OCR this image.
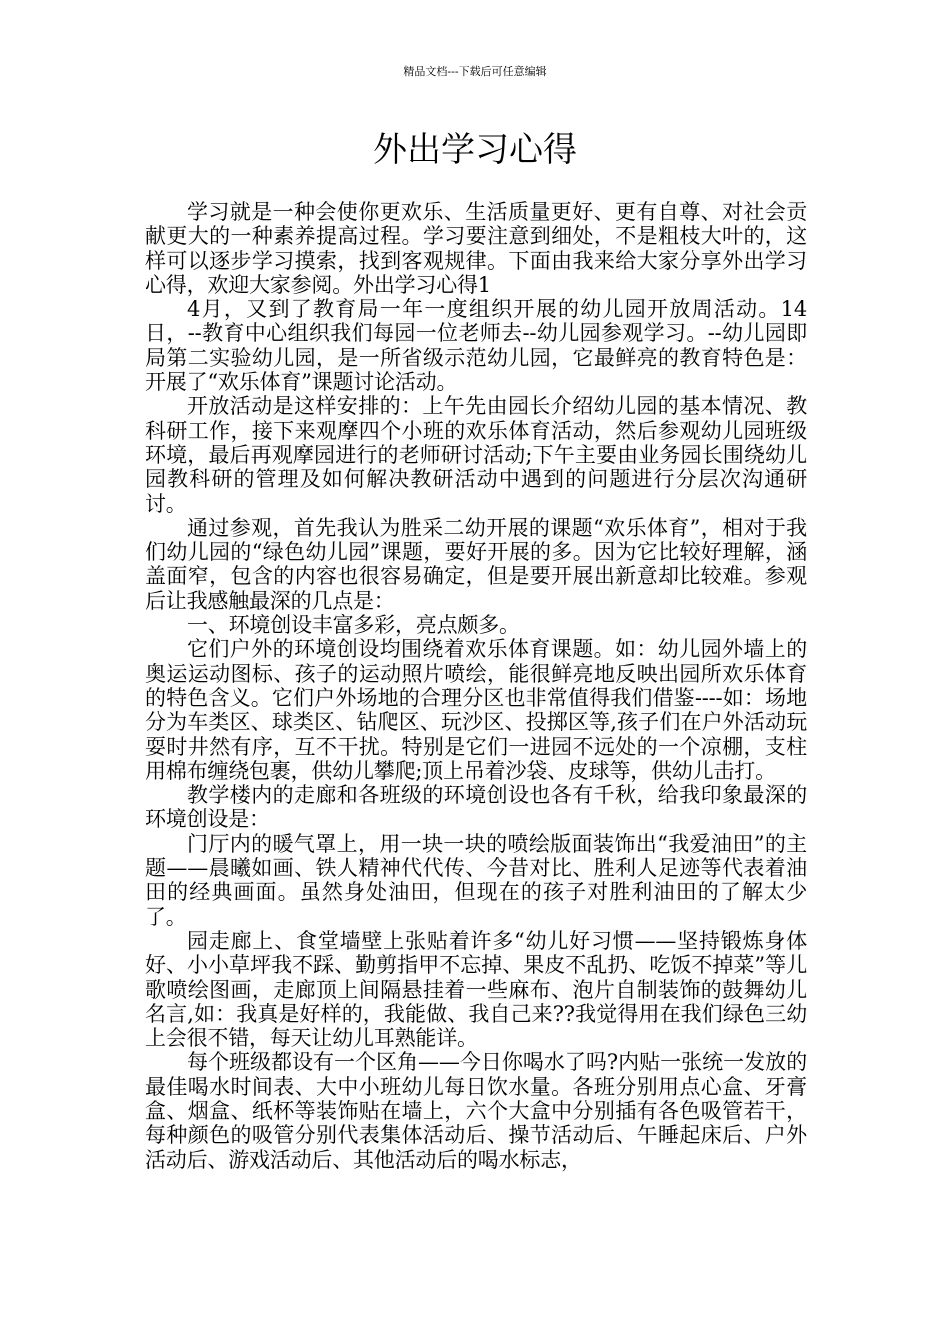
精品文档---下载后可任意编辑
外出学习心得

学习就是一种会使你更欢乐、生活质量更好、更有自尊、对社会贡献更大的一种素养提高过程。学习要注意到细处，不是粗枝大叶的，这样可以逐步学习摸索，找到客观规律。下面由我来给大家分享外出学习心得，欢迎大家参阅。外出学习心得1

4月，又到了教育局一年一度组织开展的幼儿园开放周活动。14日，--教育中心组织我们每园一位老师去--幼儿园参观学习。--幼儿园即局第二实验幼儿园，是一所省级示范幼儿园，它最鲜亮的教育特色是：开展了“欢乐体育”课题讨论活动。

开放活动是这样安排的：上午先由园长介绍幼儿园的基本情况、教科研工作，接下来观摩四个小班的欢乐体育活动，然后参观幼儿园班级环境，最后再观摩园进行的老师研讨活动;下午主要由业务园长围绕幼儿园教科研的管理及如何解决教研活动中遇到的问题进行分层次沟通研讨。

通过参观，首先我认为胜采二幼开展的课题“欢乐体育”，相对于我们幼儿园的“绿色幼儿园”课题，要好开展的多。因为它比较好理解，涵盖面窄，包含的内容也很容易确定，但是要开展出新意却比较难。参观后让我感触最深的几点是：

一、环境创设丰富多彩，亮点颇多。

它们户外的环境创设均围绕着欢乐体育课题。如：幼儿园外墙上的奥运运动图标、孩子的运动照片喷绘，能很鲜亮地反映出园所欢乐体育的特色含义。它们户外场地的合理分区也非常值得我们借鉴----如：场地分为车类区、球类区、钻爬区、玩沙区、投掷区等,孩子们在户外活动玩耍时井然有序，互不干扰。特别是它们一进园不远处的一个凉棚，支柱用棉布缠绕包裹，供幼儿攀爬;顶上吊着沙袋、皮球等，供幼儿击打。

教学楼内的走廊和各班级的环境创设也各有千秋，给我印象最深的环境创设是：

门厅内的暖气罩上，用一块一块的喷绘版面装饰出“我爱油田”的主题——晨曦如画、铁人精神代代传、今昔对比、胜利人足迹等代表着油田的经典画面。虽然身处油田，但现在的孩子对胜利油田的了解太少了。

园走廊上、食堂墙壁上张贴着许多“幼儿好习惯——坚持锻炼身体好、小小草坪我不踩、勤剪指甲不忘掉、果皮不乱扔、吃饭不掉菜”等儿歌喷绘图画，走廊顶上间隔悬挂着一些麻布、泡片自制装饰的鼓舞幼儿名言,如：我真是好样的，我能做、我自己来??我觉得用在我们绿色三幼上会很不错，每天让幼儿耳熟能详。

每个班级都设有一个区角——今日你喝水了吗?内贴一张统一发放的最佳喝水时间表、大中小班幼儿每日饮水量。各班分别用点心盒、牙膏盒、烟盒、纸杯等装饰贴在墙上，六个大盒中分别插有各色吸管若干，每种颜色的吸管分别代表集体活动后、操节活动后、午睡起床后、户外活动后、游戏活动后、其他活动后的喝水标志，
